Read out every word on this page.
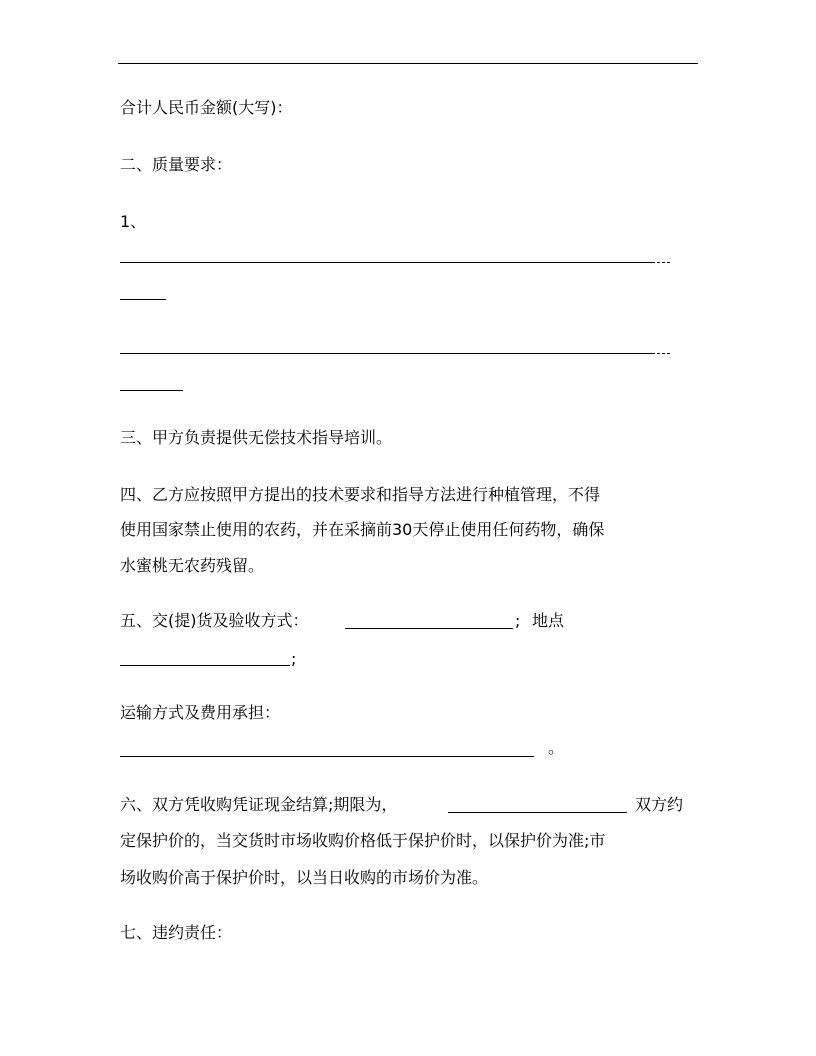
合计人民币金额(大写)：
二、质量要求：
1、
三、甲方负责提供无偿技术指导培训。
四、乙方应按照甲方提出的技术要求和指导方法进行种植管理，不得
使用国家禁止使用的农药，并在采摘前30天停止使用任何药物，确保
水蜜桃无农药残留。
五、交(提)货及验收方式：	; 地点
;
运输方式及费用承担：
。
六、双方凭收购凭证现金结算;期限为，	双方约
定保护价的，当交货时市场收购价格低于保护价时，以保护价为准;市
场收购价高于保护价时，以当日收购的市场价为准。
七、违约责任：
